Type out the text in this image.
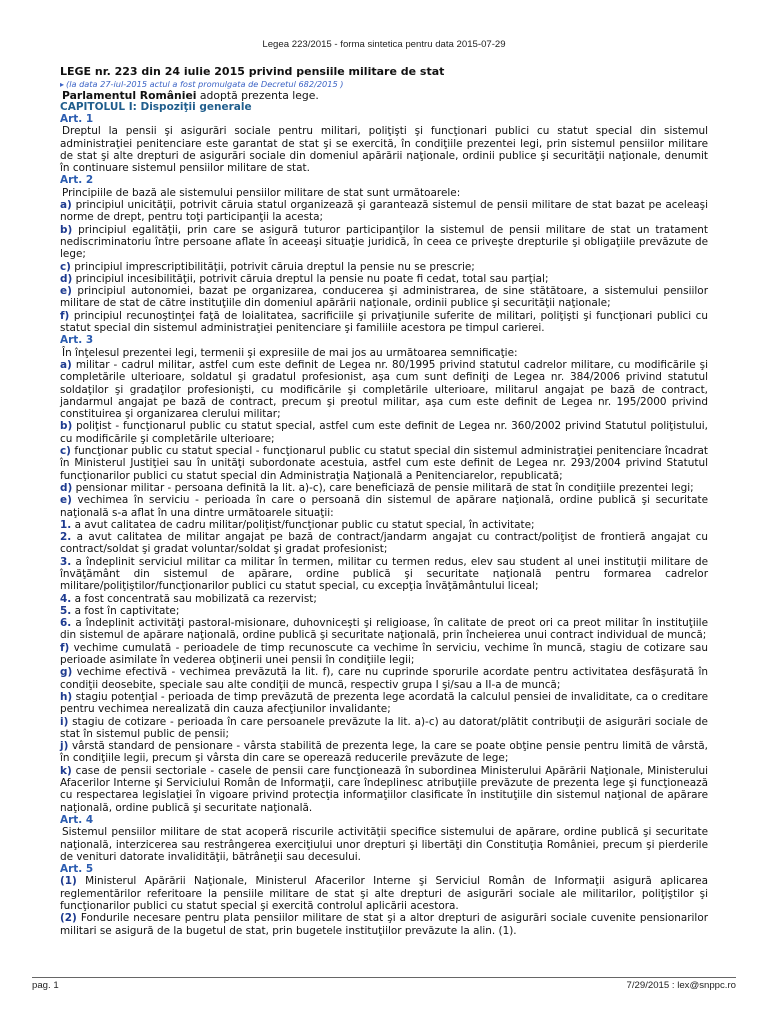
Legea 223/2015 - forma sintetica pentru data 2015-07-29
LEGE nr. 223 din 24 iulie 2015 privind pensiile militare de stat
▸ (la data 27-iul-2015 actul a fost promulgata de Decretul 682/2015 )
Parlamentul României adoptă prezenta lege.
CAPITOLUL I: Dispoziţii generale
Art. 1

Dreptul la pensii şi asigurări sociale pentru militari, poliţişti şi funcţionari publici cu statut special din sistemul administraţiei penitenciare este garantat de stat şi se exercită, în condiţiile prezentei legi, prin sistemul pensiilor militare de stat şi alte drepturi de asigurări sociale din domeniul apărării naţionale, ordinii publice şi securităţii naţionale, denumit în continuare sistemul pensiilor militare de stat.

Art. 2

Principiile de bază ale sistemului pensiilor militare de stat sunt următoarele:

a) principiul unicităţii, potrivit căruia statul organizează şi garantează sistemul de pensii militare de stat bazat pe aceleaşi norme de drept, pentru toţi participanţii la acesta;

b) principiul egalităţii, prin care se asigură tuturor participanţilor la sistemul de pensii militare de stat un tratament nediscriminatoriu între persoane aflate în aceeaşi situaţie juridică, în ceea ce priveşte drepturile şi obligaţiile prevăzute de lege;

c) principiul imprescriptibilităţii, potrivit căruia dreptul la pensie nu se prescrie;

d) principiul incesibilităţii, potrivit căruia dreptul la pensie nu poate fi cedat, total sau parţial;

e) principiul autonomiei, bazat pe organizarea, conducerea şi administrarea, de sine stătătoare, a sistemului pensiilor militare de stat de către instituţiile din domeniul apărării naţionale, ordinii publice şi securităţii naţionale;

f) principiul recunoştinţei faţă de loialitatea, sacrificiile şi privaţiunile suferite de militari, poliţişti şi funcţionari publici cu statut special din sistemul administraţiei penitenciare şi familiile acestora pe timpul carierei.

Art. 3

În înţelesul prezentei legi, termenii şi expresiile de mai jos au următoarea semnificaţie:

a) militar - cadrul militar, astfel cum este definit de Legea nr. 80/1995 privind statutul cadrelor militare, cu modificările şi completările ulterioare, soldatul şi gradatul profesionist, aşa cum sunt definiţi de Legea nr. 384/2006 privind statutul soldaţilor şi gradaţilor profesionişti, cu modificările şi completările ulterioare, militarul angajat pe bază de contract, jandarmul angajat pe bază de contract, precum şi preotul militar, aşa cum este definit de Legea nr. 195/2000 privind constituirea şi organizarea clerului militar;

b) poliţist - funcţionarul public cu statut special, astfel cum este definit de Legea nr. 360/2002 privind Statutul poliţistului, cu modificările şi completările ulterioare;

c) funcţionar public cu statut special - funcţionarul public cu statut special din sistemul administraţiei penitenciare încadrat în Ministerul Justiţiei sau în unităţi subordonate acestuia, astfel cum este definit de Legea nr. 293/2004 privind Statutul funcţionarilor publici cu statut special din Administraţia Naţională a Penitenciarelor, republicată;

d) pensionar militar - persoana definită la lit. a)-c), care beneficiază de pensie militară de stat în condiţiile prezentei legi;

e) vechimea în serviciu - perioada în care o persoană din sistemul de apărare naţională, ordine publică şi securitate naţională s-a aflat în una dintre următoarele situaţii:

1. a avut calitatea de cadru militar/poliţist/funcţionar public cu statut special, în activitate;

2. a avut calitatea de militar angajat pe bază de contract/jandarm angajat cu contract/poliţist de frontieră angajat cu contract/soldat şi gradat voluntar/soldat şi gradat profesionist;

3. a îndeplinit serviciul militar ca militar în termen, militar cu termen redus, elev sau student al unei instituţii militare de învăţământ din sistemul de apărare, ordine publică şi securitate naţională pentru formarea cadrelor militare/poliţiştilor/funcţionarilor publici cu statut special, cu excepţia învăţământului liceal;

4. a fost concentrată sau mobilizată ca rezervist;

5. a fost în captivitate;

6. a îndeplinit activităţi pastoral-misionare, duhovniceşti şi religioase, în calitate de preot ori ca preot militar în instituţiile din sistemul de apărare naţională, ordine publică şi securitate naţională, prin încheierea unui contract individual de muncă;

f) vechime cumulată - perioadele de timp recunoscute ca vechime în serviciu, vechime în muncă, stagiu de cotizare sau perioade asimilate în vederea obţinerii unei pensii în condiţiile legii;

g) vechime efectivă - vechimea prevăzută la lit. f), care nu cuprinde sporurile acordate pentru activitatea desfăşurată în condiţii deosebite, speciale sau alte condiţii de muncă, respectiv grupa I şi/sau a II-a de muncă;

h) stagiu potenţial - perioada de timp prevăzută de prezenta lege acordată la calculul pensiei de invaliditate, ca o creditare pentru vechimea nerealizată din cauza afecţiunilor invalidante;

i) stagiu de cotizare - perioada în care persoanele prevăzute la lit. a)-c) au datorat/plătit contribuţii de asigurări sociale de stat în sistemul public de pensii;

j) vârstă standard de pensionare - vârsta stabilită de prezenta lege, la care se poate obţine pensie pentru limită de vârstă, în condiţiile legii, precum şi vârsta din care se operează reducerile prevăzute de lege;

k) case de pensii sectoriale - casele de pensii care funcţionează în subordinea Ministerului Apărării Naţionale, Ministerului Afacerilor Interne şi Serviciului Român de Informaţii, care îndeplinesc atribuţiile prevăzute de prezenta lege şi funcţionează cu respectarea legislaţiei în vigoare privind protecţia informaţiilor clasificate în instituţiile din sistemul naţional de apărare naţională, ordine publică şi securitate naţională.

Art. 4

Sistemul pensiilor militare de stat acoperă riscurile activităţii specifice sistemului de apărare, ordine publică şi securitate naţională, interzicerea sau restrângerea exerciţiului unor drepturi şi libertăţi din Constituţia României, precum şi pierderile de venituri datorate invalidităţii, bătrâneţii sau decesului.

Art. 5

(1) Ministerul Apărării Naţionale, Ministerul Afacerilor Interne şi Serviciul Român de Informaţii asigură aplicarea reglementărilor referitoare la pensiile militare de stat şi alte drepturi de asigurări sociale ale militarilor, poliţiştilor şi funcţionarilor publici cu statut special şi exercită controlul aplicării acestora.

(2) Fondurile necesare pentru plata pensiilor militare de stat şi a altor drepturi de asigurări sociale cuvenite pensionarilor militari se asigură de la bugetul de stat, prin bugetele instituţiilor prevăzute la alin. (1).

pag. 1	7/29/2015 : lex@snppc.ro
